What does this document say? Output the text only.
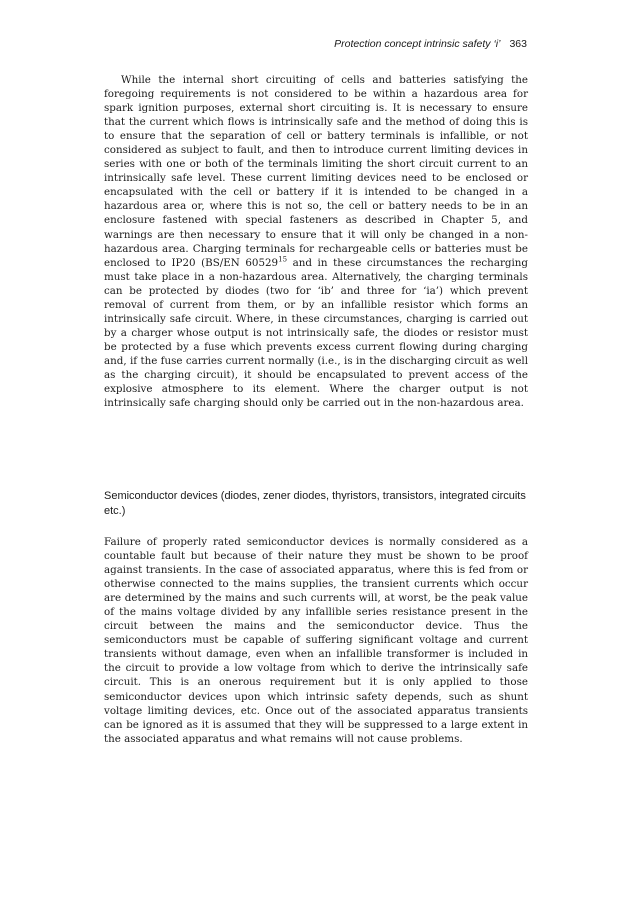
Protection concept intrinsic safety ‘i’ 363

While the internal short circuiting of cells and batteries satisfying the foregoing requirements is not considered to be within a hazardous area for spark ignition purposes, external short circuiting is. It is necessary to ensure that the current which flows is intrinsically safe and the method of doing this is to ensure that the separation of cell or battery terminals is infallible, or not considered as subject to fault, and then to introduce current limiting devices in series with one or both of the terminals limiting the short circuit current to an intrinsically safe level. These current limiting devices need to be enclosed or encapsulated with the cell or battery if it is intended to be changed in a hazardous area or, where this is not so, the cell or battery needs to be in an enclosure fastened with special fasteners as described in Chapter 5, and warnings are then necessary to ensure that it will only be changed in a non-hazardous area. Charging terminals for rechargeable cells or batteries must be enclosed to IP20 (BS/EN 60529$^{15}$ and in these circumstances the recharging must take place in a non-hazardous area. Alternatively, the charging terminals can be protected by diodes (two for ‘ib’ and three for ‘ia’) which prevent removal of current from them, or by an infallible resistor which forms an intrinsically safe circuit. Where, in these circumstances, charging is carried out by a charger whose output is not intrinsically safe, the diodes or resistor must be protected by a fuse which prevents excess current flowing during charging and, if the fuse carries current normally (i.e., is in the discharging circuit as well as the charging circuit), it should be encapsulated to prevent access of the explosive atmosphere to its element. Where the charger output is not intrinsically safe charging should only be carried out in the non-hazardous area.

Semiconductor devices (diodes, zener diodes, thyristors, transistors, integrated circuits etc.)

Failure of properly rated semiconductor devices is normally considered as a countable fault but because of their nature they must be shown to be proof against transients. In the case of associated apparatus, where this is fed from or otherwise connected to the mains supplies, the transient currents which occur are determined by the mains and such currents will, at worst, be the peak value of the mains voltage divided by any infallible series resistance present in the circuit between the mains and the semiconductor device. Thus the semiconductors must be capable of suffering significant voltage and current transients without damage, even when an infallible transformer is included in the circuit to provide a low voltage from which to derive the intrinsically safe circuit. This is an onerous requirement but it is only applied to those semiconductor devices upon which intrinsic safety depends, such as shunt voltage limiting devices, etc. Once out of the associated apparatus transients can be ignored as it is assumed that they will be suppressed to a large extent in the associated apparatus and what remains will not cause problems.
